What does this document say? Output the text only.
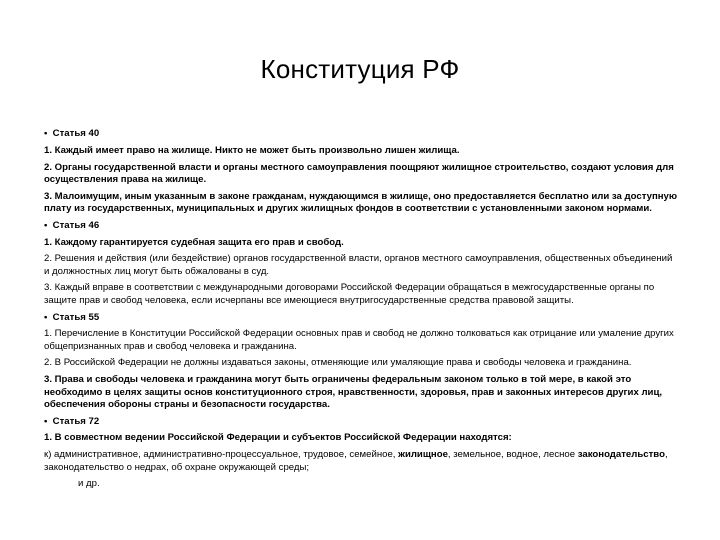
Конституция РФ

• Статья 40

1. Каждый имеет право на жилище. Никто не может быть произвольно лишен жилища.

2. Органы государственной власти и органы местного самоуправления поощряют жилищное строительство, создают условия для осуществления права на жилище.

3. Малоимущим, иным указанным в законе гражданам, нуждающимся в жилище, оно предоставляется бесплатно или за доступную плату из государственных, муниципальных и других жилищных фондов в соответствии с установленными законом нормами.

• Статья 46

1. Каждому гарантируется судебная защита его прав и свобод.

2. Решения и действия (или бездействие) органов государственной власти, органов местного самоуправления, общественных объединений и должностных лиц могут быть обжалованы в суд.

3. Каждый вправе в соответствии с международными договорами Российской Федерации обращаться в межгосударственные органы по защите прав и свобод человека, если исчерпаны все имеющиеся внутригосударственные средства правовой защиты.

• Статья 55

1. Перечисление в Конституции Российской Федерации основных прав и свобод не должно толковаться как отрицание или умаление других общепризнанных прав и свобод человека и гражданина.

2. В Российской Федерации не должны издаваться законы, отменяющие или умаляющие права и свободы человека и гражданина.

3. Права и свободы человека и гражданина могут быть ограничены федеральным законом только в той мере, в какой это необходимо в целях защиты основ конституционного строя, нравственности, здоровья, прав и законных интересов других лиц, обеспечения обороны страны и безопасности государства.

• Статья 72

1. В совместном ведении Российской Федерации и субъектов Российской Федерации находятся:

к) административное, административно-процессуальное, трудовое, семейное, жилищное, земельное, водное, лесное законодательство, законодательство о недрах, об охране окружающей среды;

и др.
